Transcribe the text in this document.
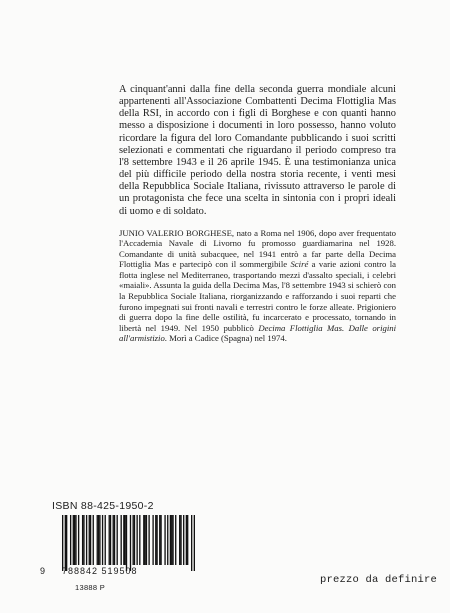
A cinquant'anni dalla fine della seconda guerra mondiale alcuni appartenenti all'Associazione Combattenti Decima Flottiglia Mas della RSI, in accordo con i figli di Borghese e con quanti hanno messo a disposizione i documenti in loro possesso, hanno voluto ricordare la figura del loro Comandante pubblicando i suoi scritti selezionati e commentati che riguardano il periodo compreso tra l'8 settembre 1943 e il 26 aprile 1945. È una testimonianza unica del più difficile periodo della nostra storia recente, i venti mesi della Repubblica Sociale Italiana, rivissuto attraverso le parole di un protagonista che fece una scelta in sintonia con i propri ideali di uomo e di soldato.

JUNIO VALERIO BORGHESE, nato a Roma nel 1906, dopo aver frequentato l'Accademia Navale di Livorno fu promosso guardiamarina nel 1928. Comandante di unità subacquee, nel 1941 entrò a far parte della Decima Flottiglia Mas e partecipò con il sommergibile Sciré a varie azioni contro la flotta inglese nel Mediterraneo, trasportando mezzi d'assalto speciali, i celebri «maiali». Assunta la guida della Decima Mas, l'8 settembre 1943 si schierò con la Repubblica Sociale Italiana, riorganizzando e rafforzando i suoi reparti che furono impegnati sui fronti navali e terrestri contro le forze alleate. Prigioniero di guerra dopo la fine delle ostilità, fu incarcerato e processato, tornando in libertà nel 1949. Nel 1950 pubblicò Decima Flottiglia Mas. Dalle origini all'armistizio. Morì a Cadice (Spagna) nel 1974.

ISBN 88-425-1950-2
9 788842 519508
13888 P
prezzo da definire
